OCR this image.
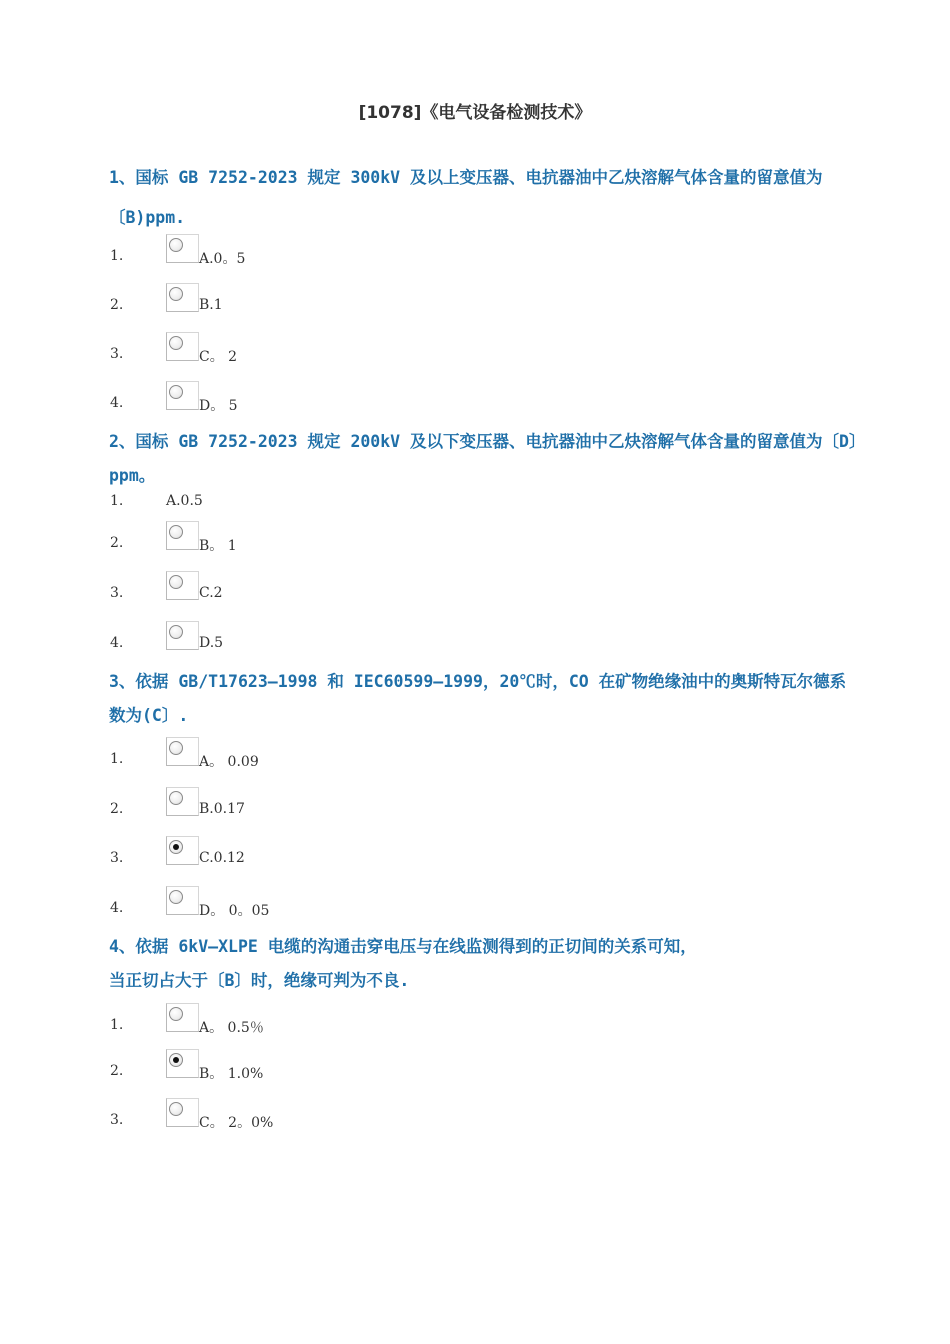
[1078]《电气设备检测技术》
1、国标 GB 7252-2023 规定 300kV 及以上变压器、电抗器油中乙炔溶解气体含量的留意值为
〔B)ppm.
1.	A.0。5
2.	B.1
3.	C。 2
4.	D。 5
2、国标 GB 7252-2023 规定 200kV 及以下变压器、电抗器油中乙炔溶解气体含量的留意值为〔D〕
ppm。
1.	A.0.5
2.	B。 1
3.	C.2
4.	D.5
3、依据 GB/T17623—1998 和 IEC60599—1999，20℃时，CO 在矿物绝缘油中的奥斯特瓦尔德系
数为(C〕.
1.	A。 0.09
2.	B.0.17
3.	C.0.12
4.	D。 0。05
4、依据 6kV—XLPE 电缆的沟通击穿电压与在线监测得到的正切间的关系可知，
当正切占大于〔B〕时，绝缘可判为不良.
1.	A。 0.5％
2.	B。 1.0%
3.	C。 2。0%
